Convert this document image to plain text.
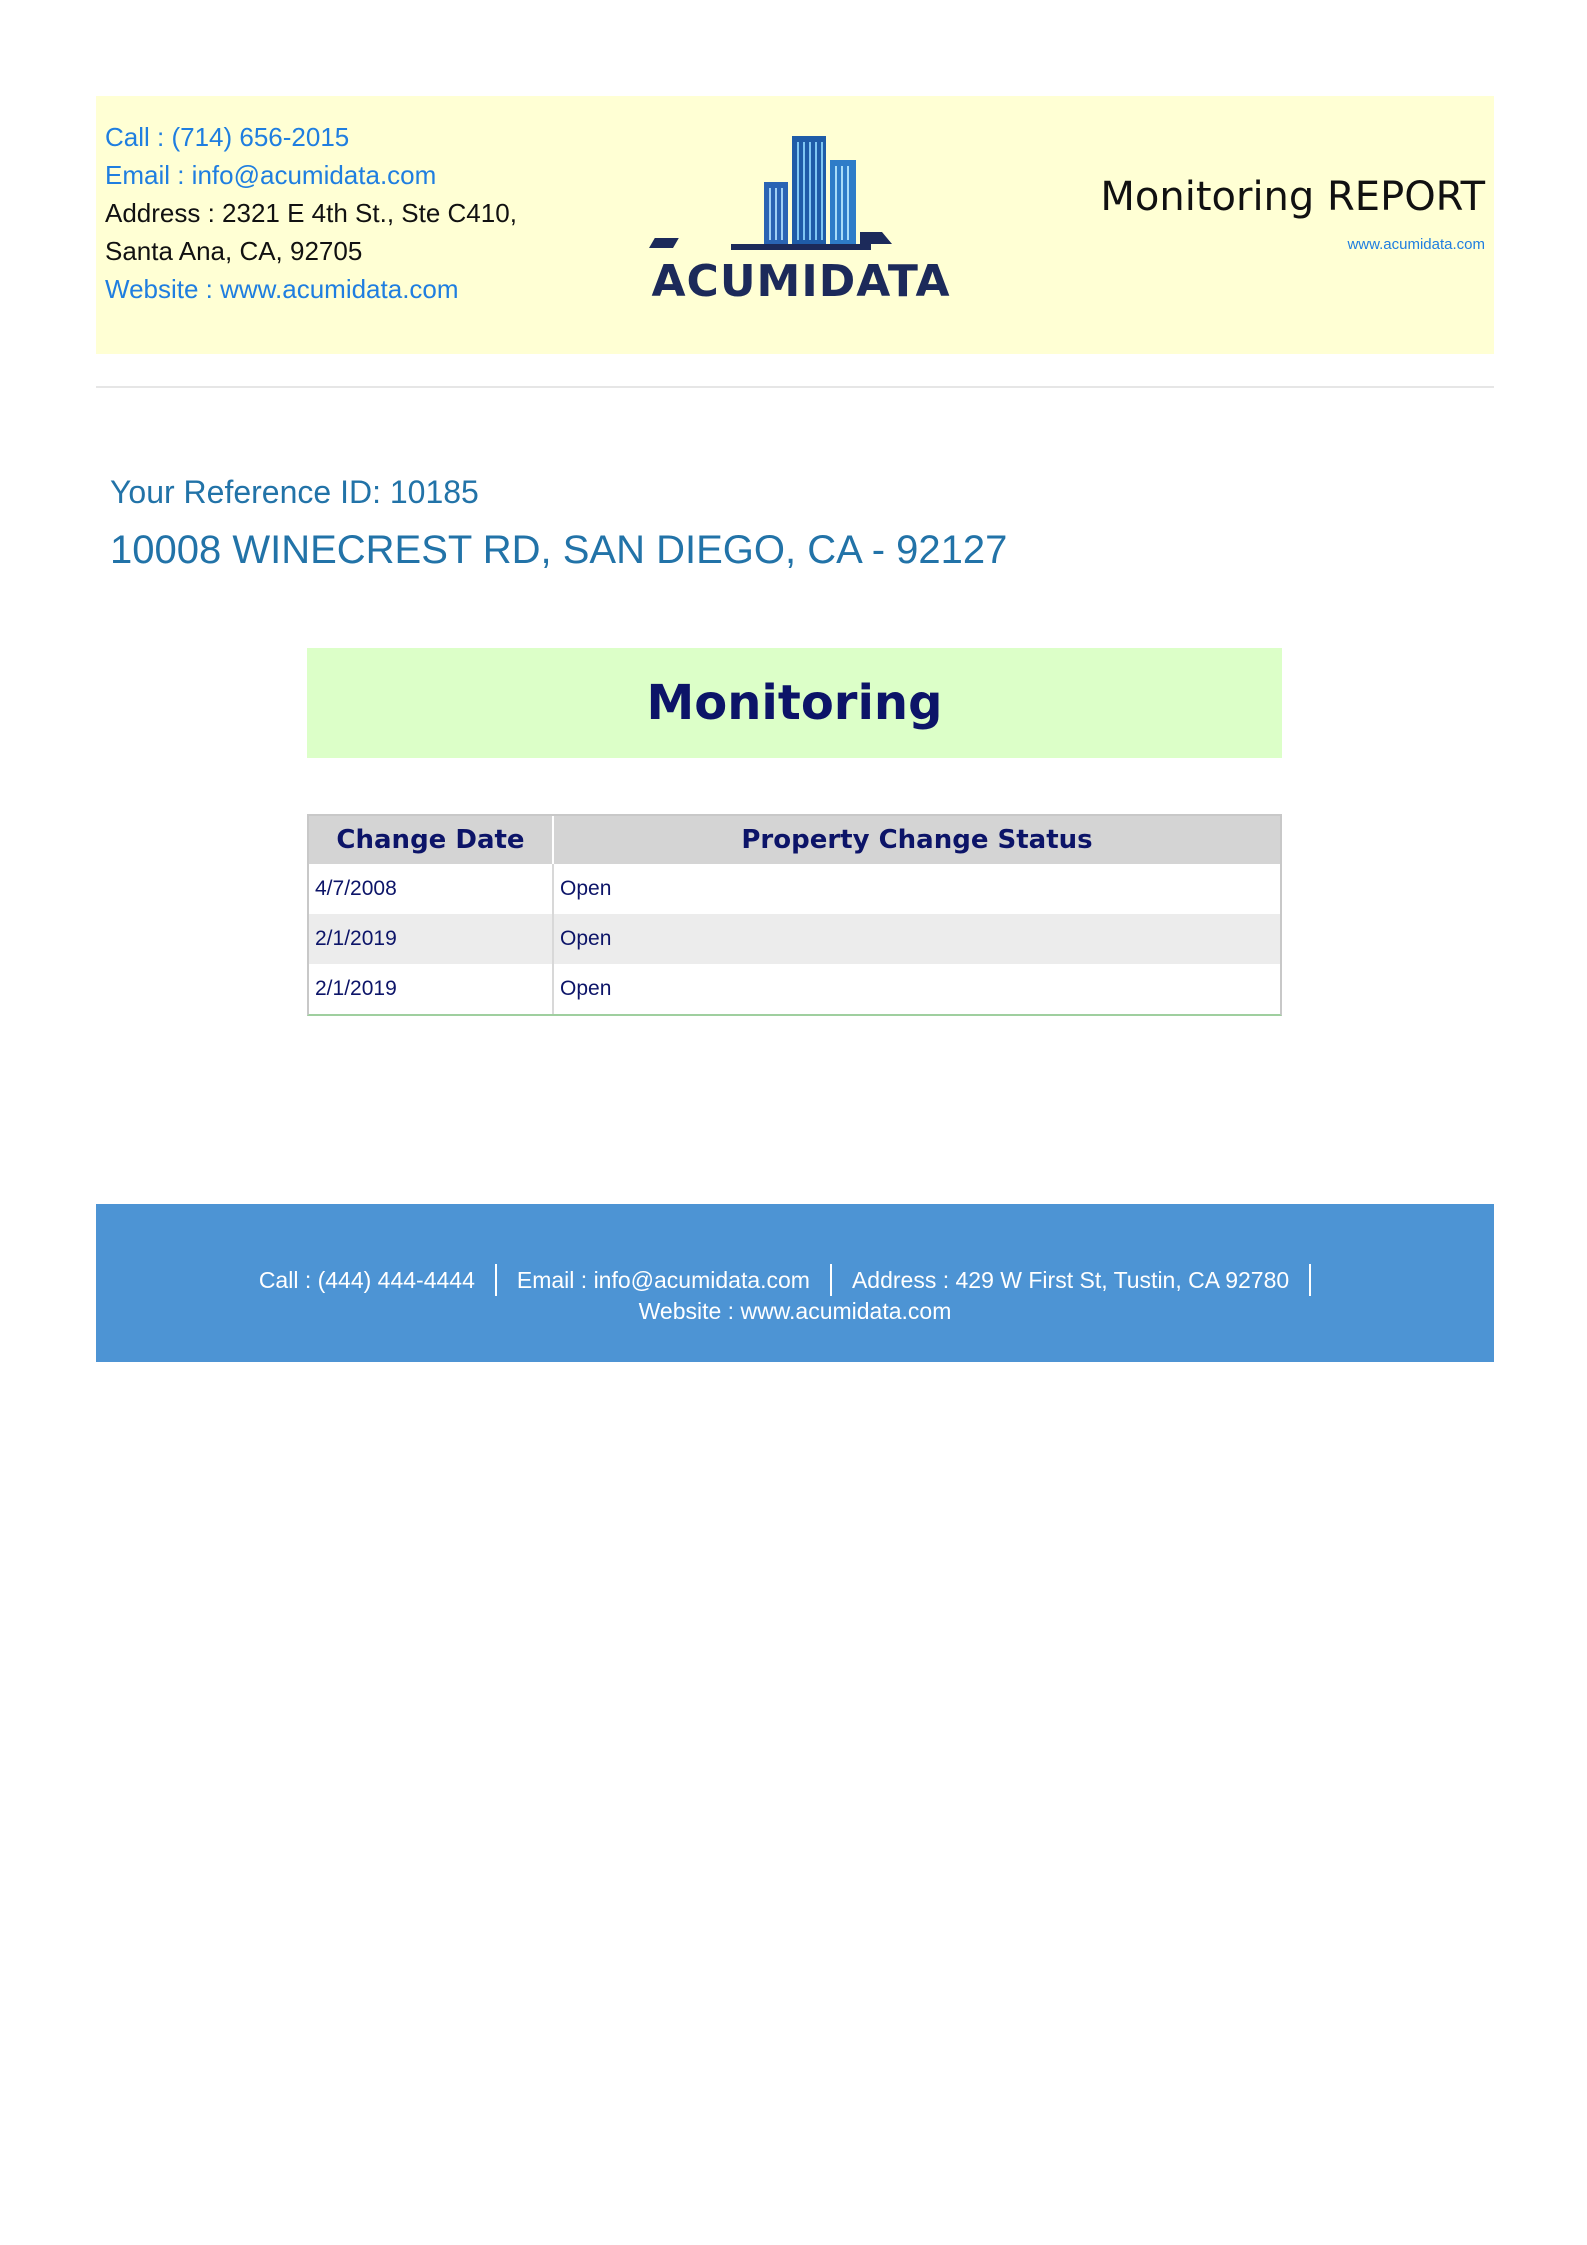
Call : (714) 656-2015
Email : info@acumidata.com
Address : 2321 E 4th St., Ste C410,
Santa Ana, CA, 92705
Website : www.acumidata.com	ACUMIDATA
Monitoring REPORT
www.acumidata.com
Your Reference ID: 10185
10008 WINECREST RD, SAN DIEGO, CA - 92127
Monitoring
Change Date	Property Change Status
4/7/2008	Open
2/1/2019	Open
2/1/2019	Open
Call : (444) 444-4444 Email : info@acumidata.com Address : 429 W First St, Tustin, CA 92780
Website : www.acumidata.com
